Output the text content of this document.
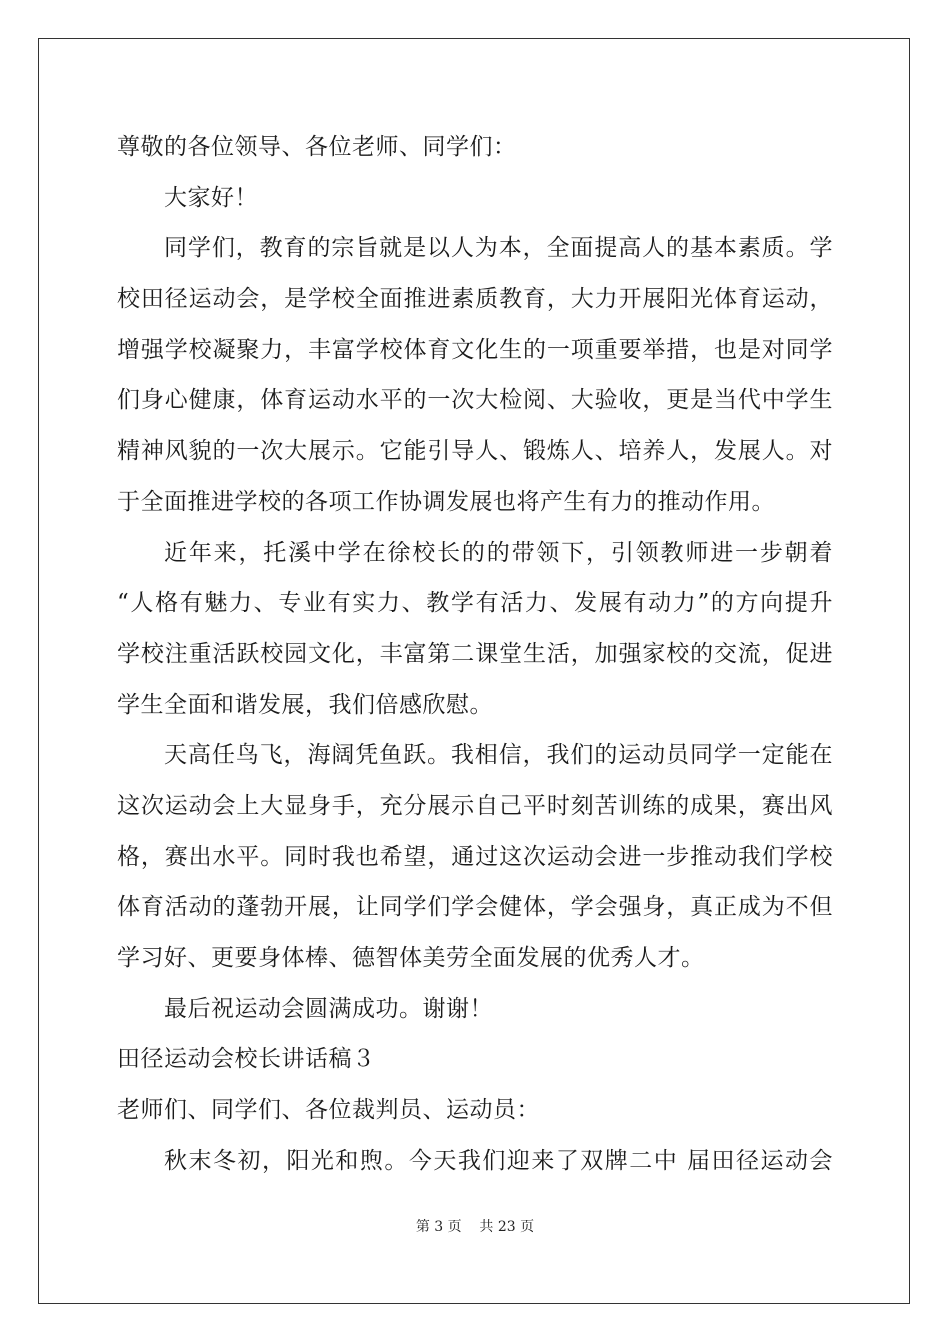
尊敬的各位领导、各位老师、同学们：
大家好！
同学们，教育的宗旨就是以人为本，全面提高人的基本素质。学
校田径运动会，是学校全面推进素质教育，大力开展阳光体育运动，
增强学校凝聚力，丰富学校体育文化生的一项重要举措，也是对同学
们身心健康，体育运动水平的一次大检阅、大验收，更是当代中学生
精神风貌的一次大展示。它能引导人、锻炼人、培养人，发展人。对
于全面推进学校的各项工作协调发展也将产生有力的推动作用。
近年来，托溪中学在徐校长的的带领下，引领教师进一步朝着
“人格有魅力、专业有实力、教学有活力、发展有动力”的方向提升
学校注重活跃校园文化，丰富第二课堂生活，加强家校的交流，促进
学生全面和谐发展，我们倍感欣慰。
天高任鸟飞，海阔凭鱼跃。我相信，我们的运动员同学一定能在
这次运动会上大显身手，充分展示自己平时刻苦训练的成果，赛出风
格，赛出水平。同时我也希望，通过这次运动会进一步推动我们学校
体育活动的蓬勃开展，让同学们学会健体，学会强身，真正成为不但
学习好、更要身体棒、德智体美劳全面发展的优秀人才。
最后祝运动会圆满成功。谢谢！
田径运动会校长讲话稿３
老师们、同学们、各位裁判员、运动员：
秋末冬初，阳光和煦。今天我们迎来了双牌二中 届田径运动会
第 3 页    共 23 页
